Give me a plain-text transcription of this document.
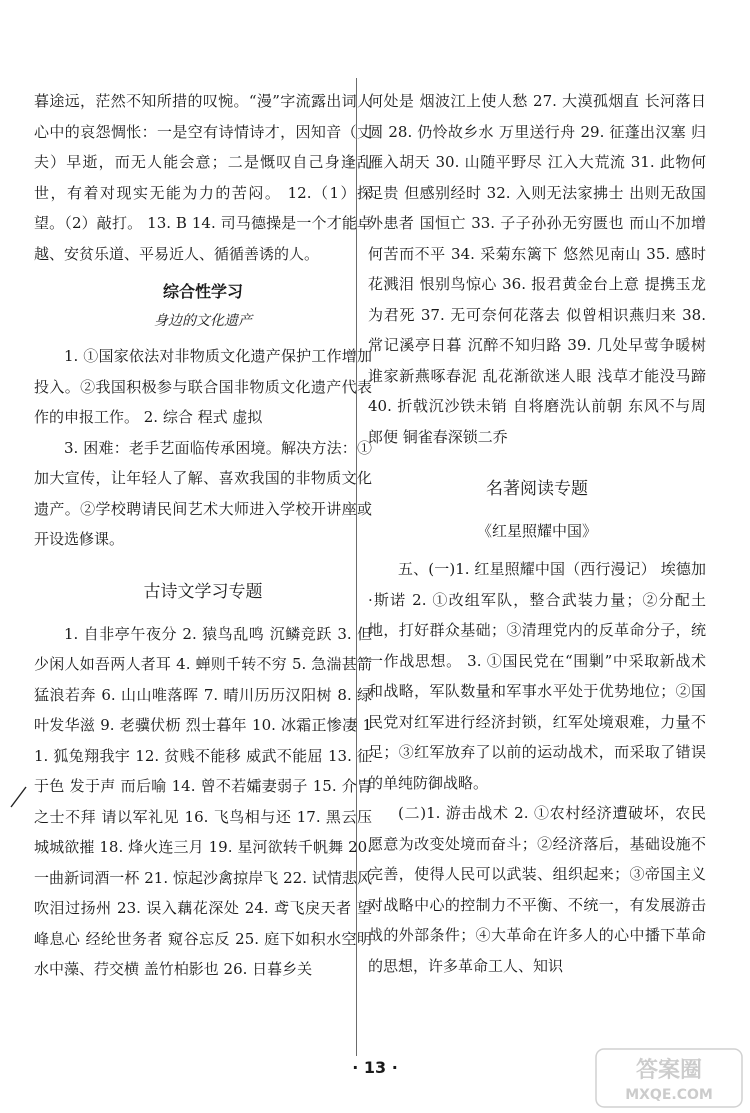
暮途远，茫然不知所措的叹惋。“漫”字流露出词人心中的哀怨惆怅：一是空有诗情诗才，因知音（丈夫）早逝，而无人能会意；二是慨叹自己身逢乱世，有着对现实无能为力的苦闷。 12.（1）探望。（2）敲打。 13. B 14. 司马德操是一个才能卓越、安贫乐道、平易近人、循循善诱的人。

综合性学习
身边的文化遗产

1. ①国家依法对非物质文化遗产保护工作增加投入。②我国积极参与联合国非物质文化遗产代表作的申报工作。 2. 综合 程式 虚拟

3. 困难：老手艺面临传承困境。解决方法：①加大宣传，让年轻人了解、喜欢我国的非物质文化遗产。②学校聘请民间艺术大师进入学校开讲座或开设选修课。

古诗文学习专题

1. 自非亭午夜分 2. 猿鸟乱鸣 沉鳞竞跃 3. 但少闲人如吾两人者耳 4. 蝉则千转不穷 5. 急湍甚箭 猛浪若奔 6. 山山唯落晖 7. 晴川历历汉阳树 8. 绿叶发华滋 9. 老骥伏枥 烈士暮年 10. 冰霜正惨凄 11. 狐兔翔我宇 12. 贫贱不能移 威武不能屈 13. 征于色 发于声 而后喻 14. 曾不若孀妻弱子 15. 介胄之士不拜 请以军礼见 16. 飞鸟相与还 17. 黑云压城城欲摧 18. 烽火连三月 19. 星河欲转千帆舞 20. 一曲新词酒一杯 21. 惊起沙禽掠岸飞 22. 试情悲风吹泪过扬州 23. 误入藕花深处 24. 鸢飞戾天者 望峰息心 经纶世务者 窥谷忘反 25. 庭下如积水空明 水中藻、荇交横 盖竹柏影也 26. 日暮乡关

何处是 烟波江上使人愁 27. 大漠孤烟直 长河落日圆 28. 仍怜故乡水 万里送行舟 29. 征蓬出汉塞 归雁入胡天 30. 山随平野尽 江入大荒流 31. 此物何足贵 但感别经时 32. 入则无法家拂士 出则无敌国外患者 国恒亡 33. 子子孙孙无穷匮也 而山不加增 何苦而不平 34. 采菊东篱下 悠然见南山 35. 感时花溅泪 恨别鸟惊心 36. 报君黄金台上意 提携玉龙为君死 37. 无可奈何花落去 似曾相识燕归来 38. 常记溪亭日暮 沉醉不知归路 39. 几处早莺争暖树 谁家新燕啄春泥 乱花渐欲迷人眼 浅草才能没马蹄 40. 折戟沉沙铁未销 自将磨洗认前朝 东风不与周郎便 铜雀春深锁二乔

名著阅读专题
《红星照耀中国》

五、(一)1. 红星照耀中国（西行漫记） 埃德加·斯诺 2. ①改组军队，整合武装力量；②分配土地，打好群众基础；③清理党内的反革命分子，统一作战思想。 3. ①国民党在“围剿”中采取新战术和战略，军队数量和军事水平处于优势地位；②国民党对红军进行经济封锁，红军处境艰难，力量不足；③红军放弃了以前的运动战术，而采取了错误的单纯防御战略。

(二)1. 游击战术 2. ①农村经济遭破坏，农民愿意为改变处境而奋斗；②经济落后，基础设施不完善，使得人民可以武装、组织起来；③帝国主义对战略中心的控制力不平衡、不统一，有发展游击战的外部条件；④大革命在许多人的心中播下革命的思想，许多革命工人、知识

· 13 ·	答案圈
MXQE.COM
